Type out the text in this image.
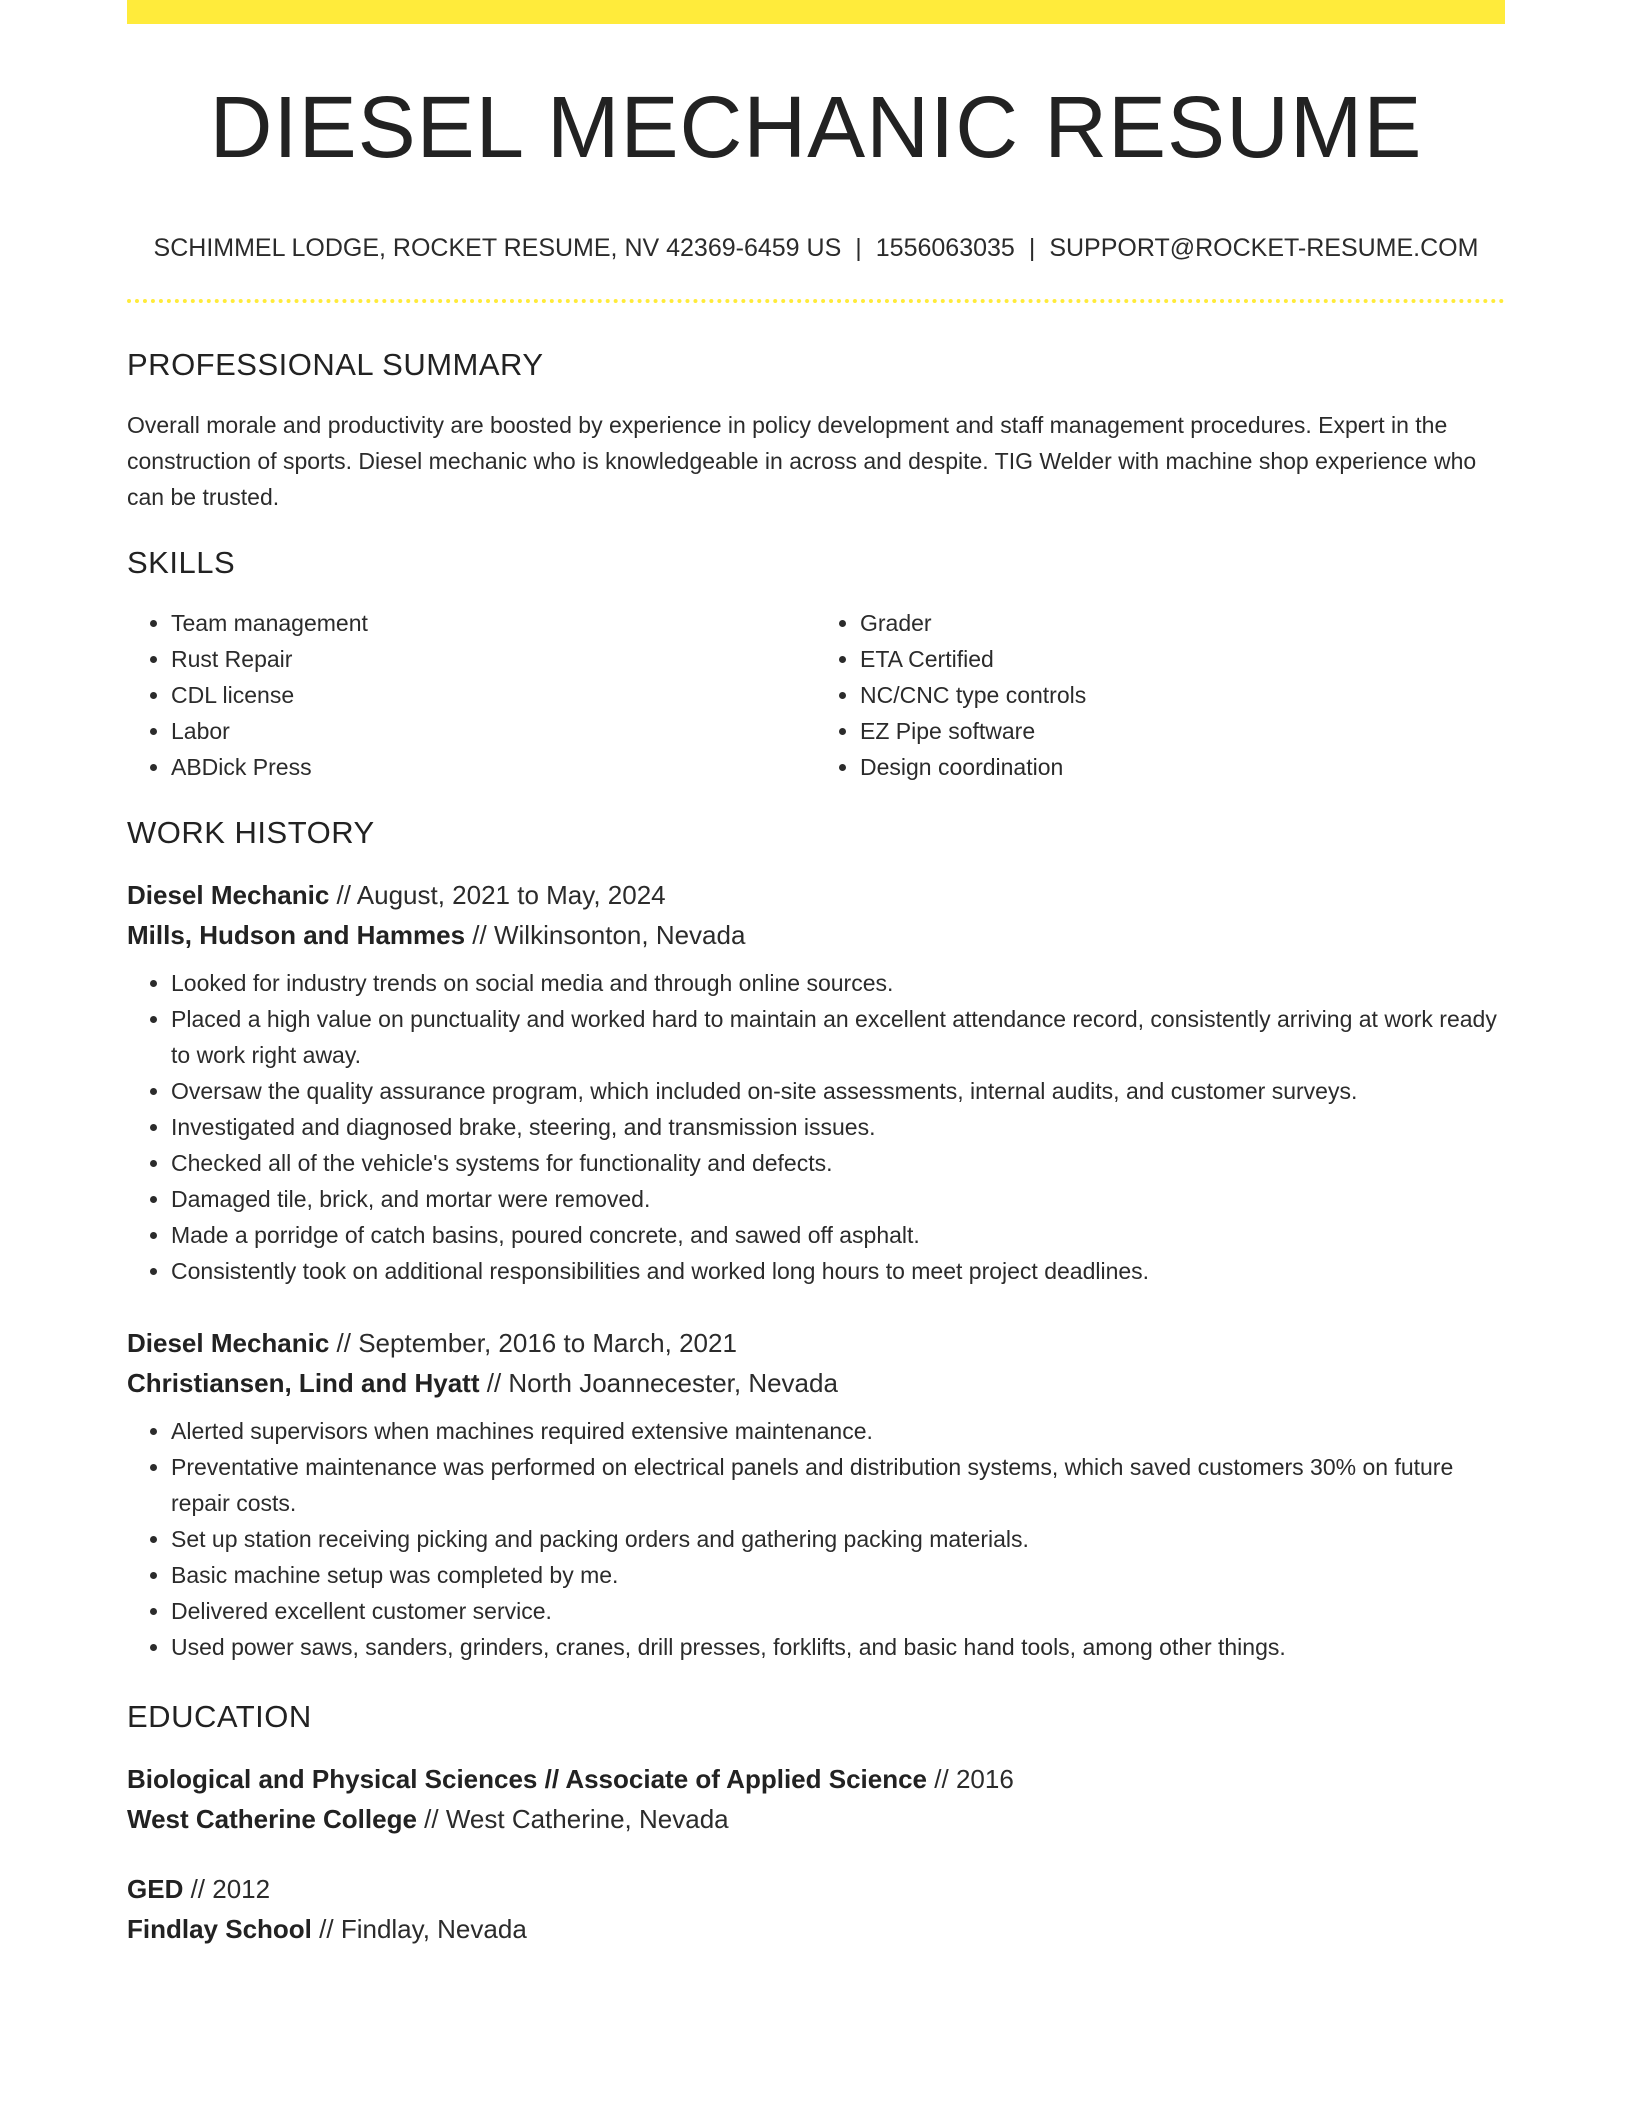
DIESEL MECHANIC RESUME
SCHIMMEL LODGE, ROCKET RESUME, NV 42369-6459 US | 1556063035 | SUPPORT@ROCKET-RESUME.COM
PROFESSIONAL SUMMARY
Overall morale and productivity are boosted by experience in policy development and staff management procedures. Expert in the construction of sports. Diesel mechanic who is knowledgeable in across and despite. TIG Welder with machine shop experience who can be trusted.
SKILLS
• Team management
• Rust Repair
• CDL license
• Labor
• ABDick Press
• Grader
• ETA Certified
• NC/CNC type controls
• EZ Pipe software
• Design coordination
WORK HISTORY
Diesel Mechanic // August, 2021 to May, 2024
Mills, Hudson and Hammes // Wilkinsonton, Nevada
• Looked for industry trends on social media and through online sources.
• Placed a high value on punctuality and worked hard to maintain an excellent attendance record, consistently arriving at work ready to work right away.
• Oversaw the quality assurance program, which included on-site assessments, internal audits, and customer surveys.
• Investigated and diagnosed brake, steering, and transmission issues.
• Checked all of the vehicle's systems for functionality and defects.
• Damaged tile, brick, and mortar were removed.
• Made a porridge of catch basins, poured concrete, and sawed off asphalt.
• Consistently took on additional responsibilities and worked long hours to meet project deadlines.
Diesel Mechanic // September, 2016 to March, 2021
Christiansen, Lind and Hyatt // North Joannecester, Nevada
• Alerted supervisors when machines required extensive maintenance.
• Preventative maintenance was performed on electrical panels and distribution systems, which saved customers 30% on future repair costs.
• Set up station receiving picking and packing orders and gathering packing materials.
• Basic machine setup was completed by me.
• Delivered excellent customer service.
• Used power saws, sanders, grinders, cranes, drill presses, forklifts, and basic hand tools, among other things.
EDUCATION
Biological and Physical Sciences // Associate of Applied Science // 2016
West Catherine College // West Catherine, Nevada
GED // 2012
Findlay School // Findlay, Nevada
